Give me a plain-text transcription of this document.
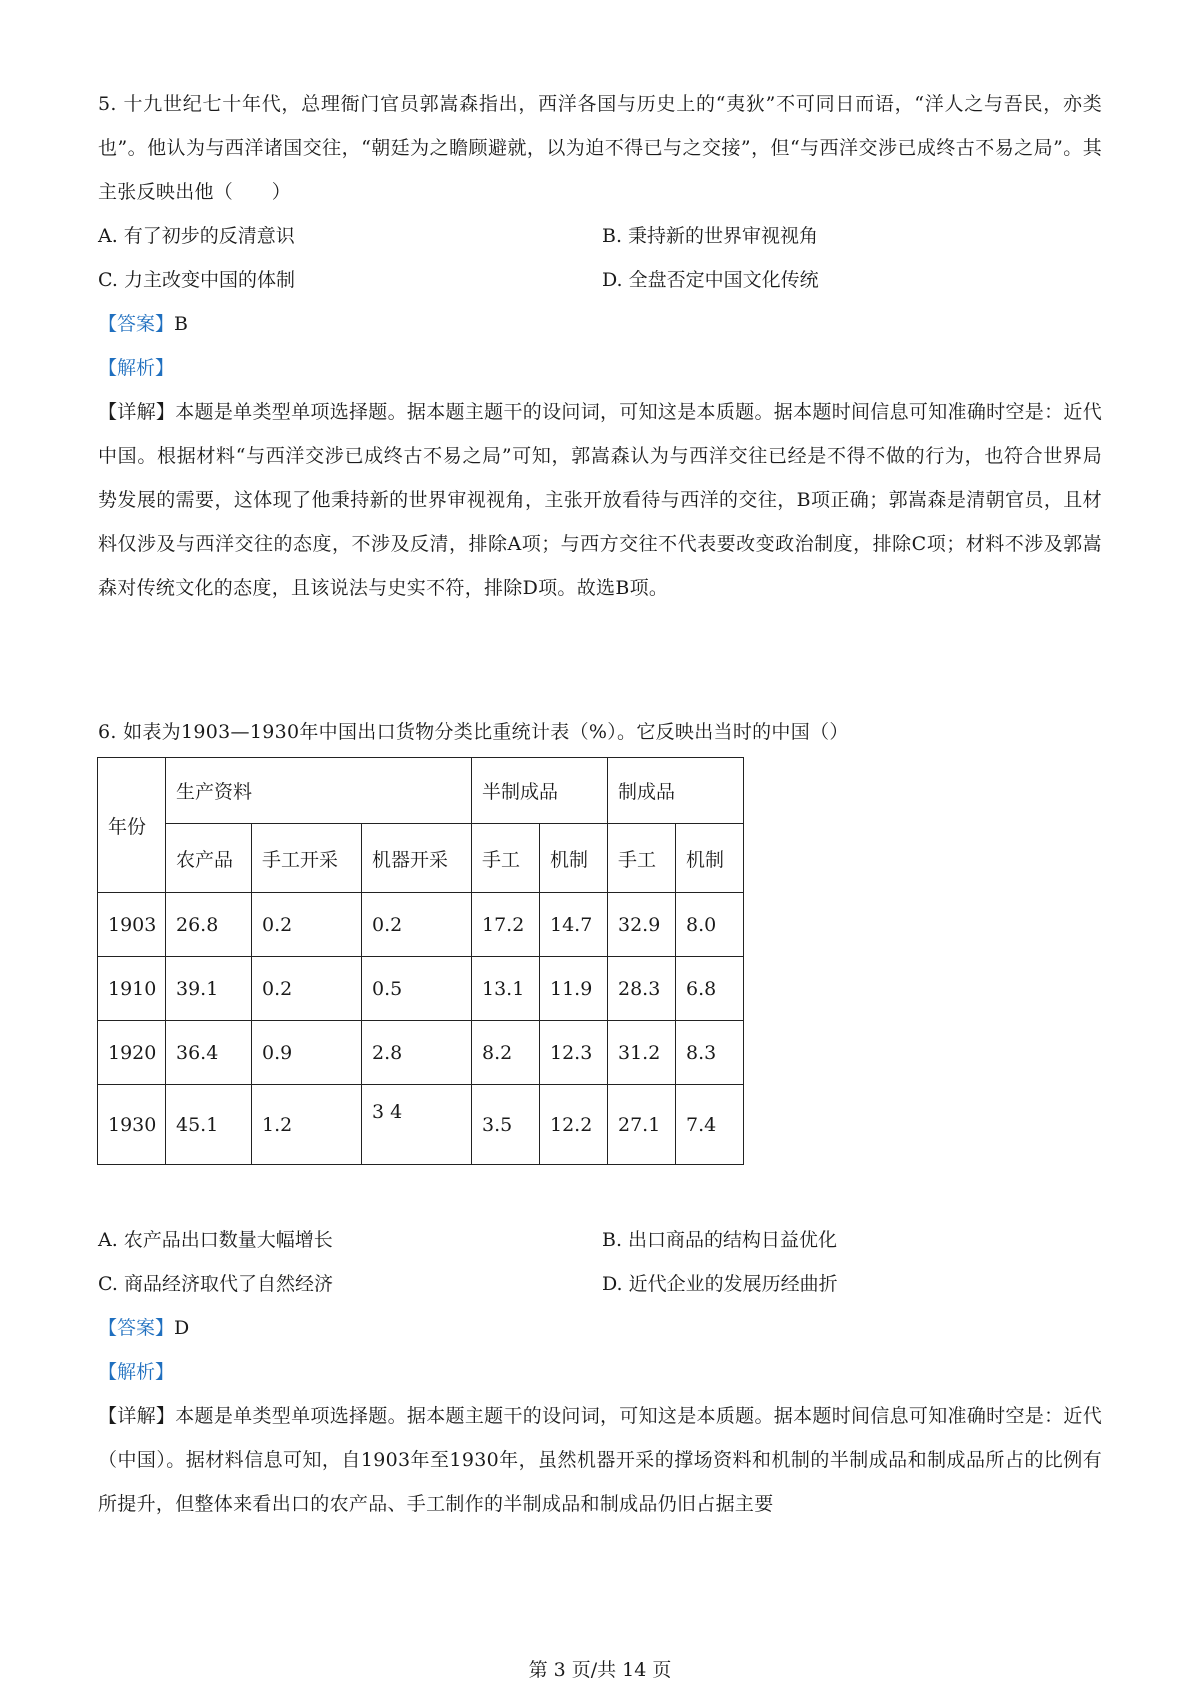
5. 十九世纪七十年代，总理衙门官员郭嵩森指出，西洋各国与历史上的“夷狄”不可同日而语，“洋人之与吾民，亦类也”。他认为与西洋诸国交往，“朝廷为之瞻顾避就，以为迫不得已与之交接”，但“与西洋交涉已成终古不易之局”。其主张反映出他（　　）

A. 有了初步的反清意识	B. 秉持新的世界审视视角
C. 力主改变中国的体制	D. 全盘否定中国文化传统
【答案】B
【解析】

【详解】本题是单类型单项选择题。据本题主题干的设问词，可知这是本质题。据本题时间信息可知准确时空是：近代中国。根据材料“与西洋交涉已成终古不易之局”可知，郭嵩森认为与西洋交往已经是不得不做的行为，也符合世界局势发展的需要，这体现了他秉持新的世界审视视角，主张开放看待与西洋的交往，B项正确；郭嵩森是清朝官员，且材料仅涉及与西洋交往的态度，不涉及反清，排除A项；与西方交往不代表要改变政治制度，排除C项；材料不涉及郭嵩森对传统文化的态度，且该说法与史实不符，排除D项。故选B项。

6. 如表为1903—1930年中国出口货物分类比重统计表（%）。它反映出当时的中国（）

年份	生产资料			半制成品		制成品	
	农产品	手工开采	机器开采	手工	机制	手工	机制
1903	26.8	0.2	0.2	17.2	14.7	32.9	8.0
1910	39.1	0.2	0.5	13.1	11.9	28.3	6.8
1920	36.4	0.9	2.8	8.2	12.3	31.2	8.3
1930	45.1	1.2	3 4	3.5	12.2	27.1	7.4
A. 农产品出口数量大幅增长	B. 出口商品的结构日益优化
C. 商品经济取代了自然经济	D. 近代企业的发展历经曲折
【答案】D
【解析】

【详解】本题是单类型单项选择题。据本题主题干的设问词，可知这是本质题。据本题时间信息可知准确时空是：近代（中国）。据材料信息可知，自1903年至1930年，虽然机器开采的撑场资料和机制的半制成品和制成品所占的比例有所提升，但整体来看出口的农产品、手工制作的半制成品和制成品仍旧占据主要

第 3 页/共 14 页
